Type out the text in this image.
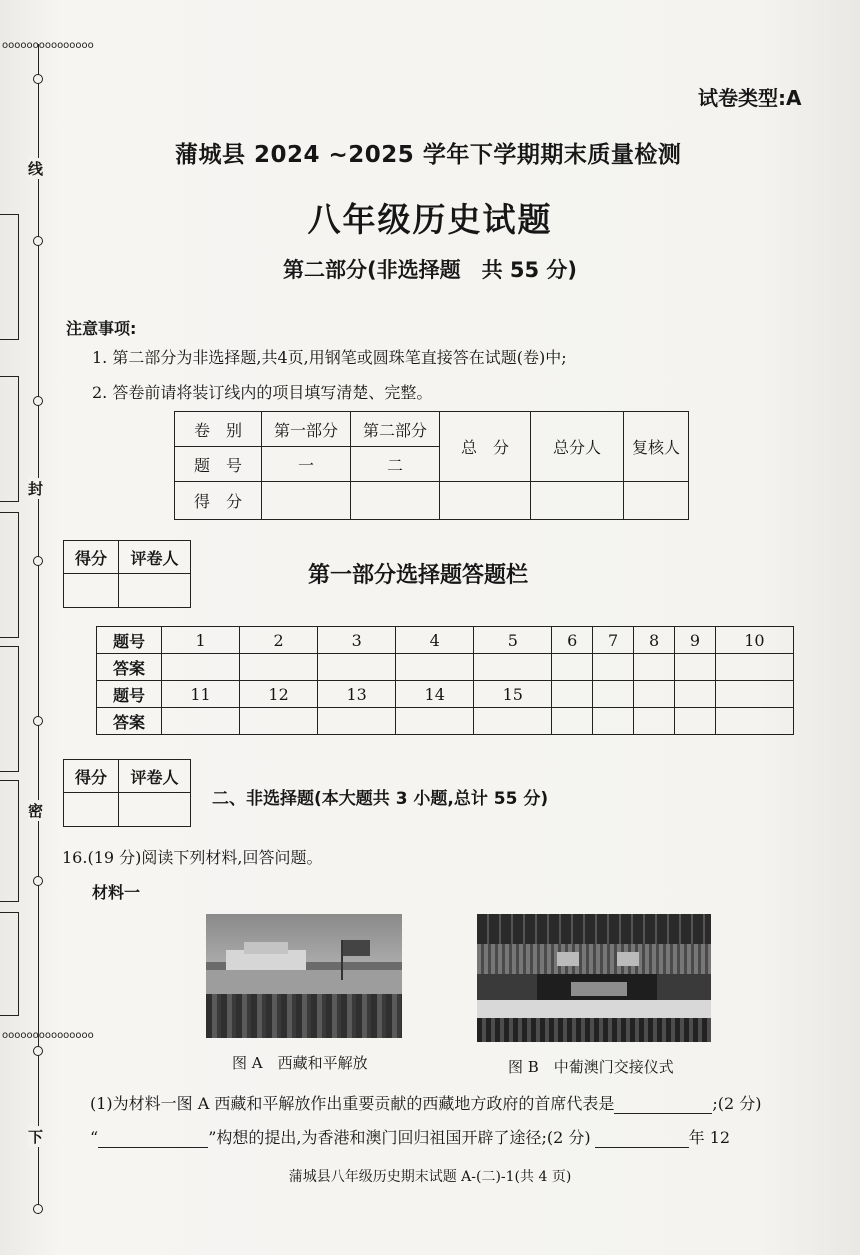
ooooooooooooooo
ooooooooooooooo
线
封
密
下
试卷类型:A
蒲城县 2024 ~2025 学年下学期期末质量检测
八年级历史试题
第二部分(非选择题　共 55 分)
注意事项:
1. 第二部分为非选择题,共4页,用钢笔或圆珠笔直接答在试题(卷)中;
2. 答卷前请将装订线内的项目填写清楚、完整。
卷　别	第一部分	第二部分	总　分	总分人	复核人
题　号	一	二			
得　分					
得分	评卷人

第一部分选择题答题栏
题号	1	2	3	4	5	6	7	8	9	10
答案										
题号	11	12	13	14	15					
答案										
得分	评卷人

二、非选择题(本大题共 3 小题,总计 55 分)
16.(19 分)阅读下列材料,回答问题。
材料一
图 A　西藏和平解放	图 B　中葡澳门交接仪式
(1)为材料一图 A 西藏和平解放作出重要贡献的西藏地方政府的首席代表是	;(2 分)
“	”构想的提出,为香港和澳门回归祖国开辟了途径;(2 分)	年 12
蒲城县八年级历史期末试题 A-(二)-1(共 4 页)
